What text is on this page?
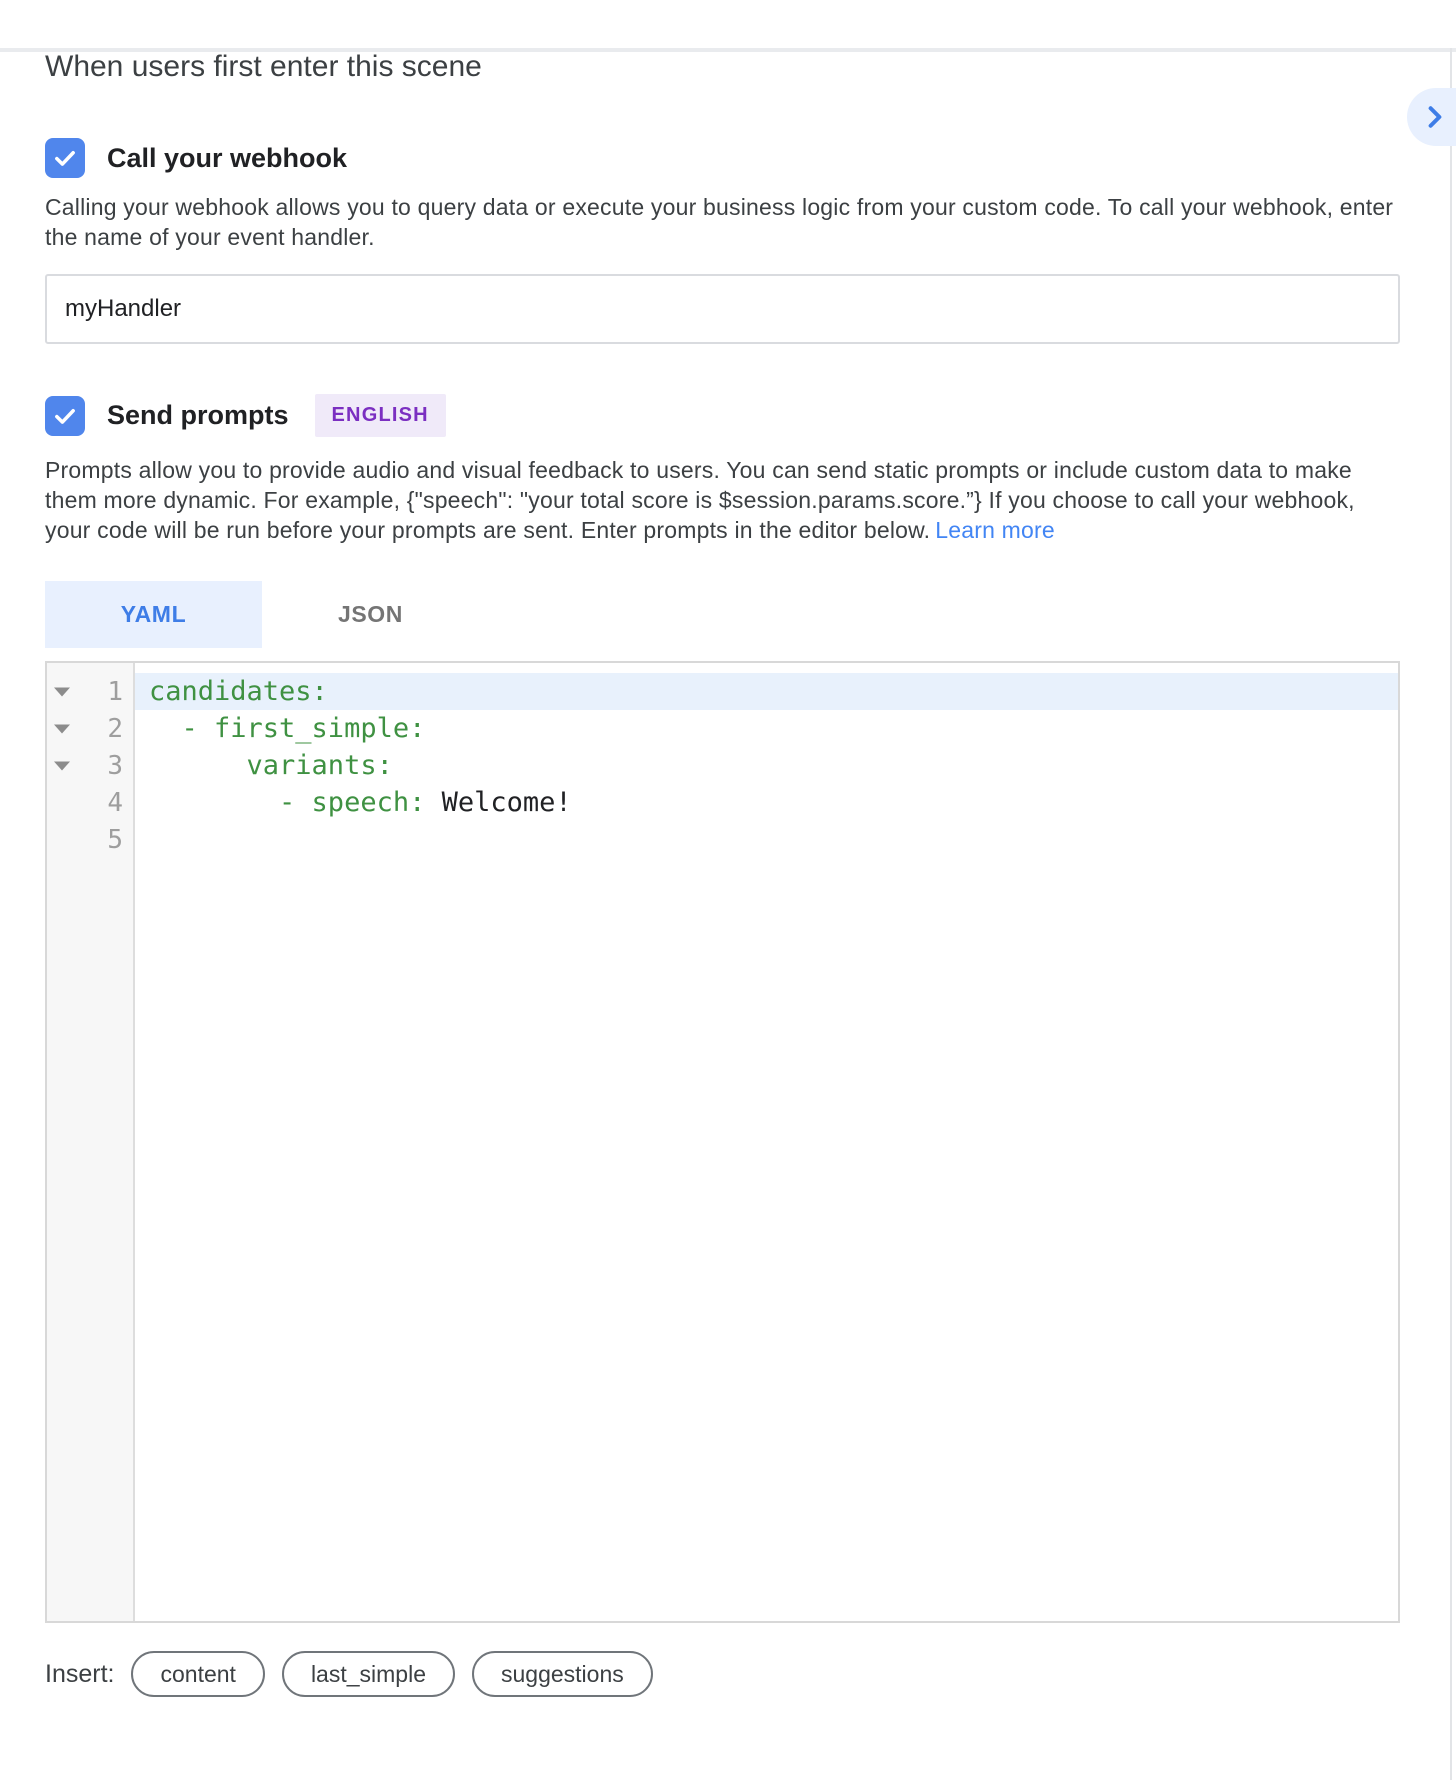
When users first enter this scene
Call your webhook

Calling your webhook allows you to query data or execute your business logic from your custom code. To call your webhook, enter the name of your event handler.

myHandler
Send prompts	ENGLISH

Prompts allow you to provide audio and visual feedback to users. You can send static prompts or include custom data to make them more dynamic. For example, {"speech": "your total score is $session.params.score.”} If you choose to call your webhook, your code will be run before your prompts are sent. Enter prompts in the editor below. Learn more

YAML	JSON
1
2
3
4
5
candidates:
- first_simple:
variants:
- speech: Welcome!
Insert:	content	last_simple	suggestions
